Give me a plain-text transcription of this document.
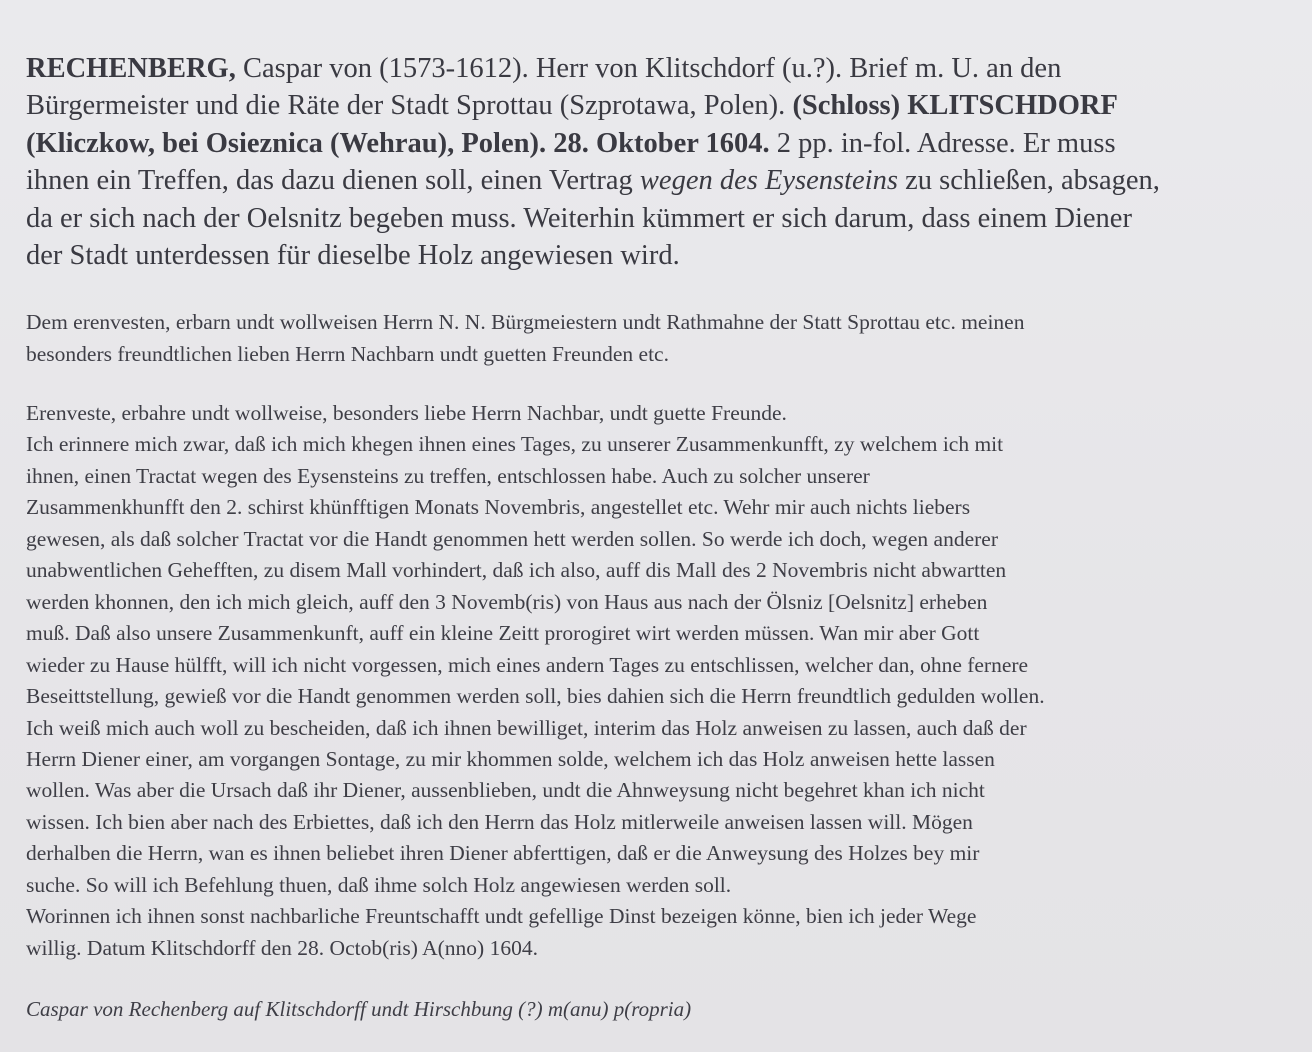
RECHENBERG, Caspar von (1573-1612). Herr von Klitschdorf (u.?). Brief m. U. an den
Bürgermeister und die Räte der Stadt Sprottau (Szprotawa, Polen). (Schloss) KLITSCHDORF
(Kliczkow, bei Osieznica (Wehrau), Polen). 28. Oktober 1604. 2 pp. in-fol. Adresse. Er muss
ihnen ein Treffen, das dazu dienen soll, einen Vertrag wegen des Eysensteins zu schließen, absagen,
da er sich nach der Oelsnitz begeben muss. Weiterhin kümmert er sich darum, dass einem Diener
der Stadt unterdessen für dieselbe Holz angewiesen wird.
Dem erenvesten, erbarn undt wollweisen Herrn N. N. Bürgmeiestern undt Rathmahne der Statt Sprottau etc. meinen
besonders freundtlichen lieben Herrn Nachbarn undt guetten Freunden etc.
Erenveste, erbahre undt wollweise, besonders liebe Herrn Nachbar, undt guette Freunde.
Ich erinnere mich zwar, daß ich mich khegen ihnen eines Tages, zu unserer Zusammenkunfft, zy welchem ich mit
ihnen, einen Tractat wegen des Eysensteins zu treffen, entschlossen habe. Auch zu solcher unserer
Zusammenkhunfft den 2. schirst khünfftigen Monats Novembris, angestellet etc. Wehr mir auch nichts liebers
gewesen, als daß solcher Tractat vor die Handt genommen hett werden sollen. So werde ich doch, wegen anderer
unabwentlichen Gehefften, zu disem Mall vorhindert, daß ich also, auff dis Mall des 2 Novembris nicht abwartten
werden khonnen, den ich mich gleich, auff den 3 Novemb(ris) von Haus aus nach der Ölsniz [Oelsnitz] erheben
muß. Daß also unsere Zusammenkunft, auff ein kleine Zeitt prorogiret wirt werden müssen. Wan mir aber Gott
wieder zu Hause hülfft, will ich nicht vorgessen, mich eines andern Tages zu entschlissen, welcher dan, ohne fernere
Beseittstellung, gewieß vor die Handt genommen werden soll, bies dahien sich die Herrn freundtlich gedulden wollen.
Ich weiß mich auch woll zu bescheiden, daß ich ihnen bewilliget, interim das Holz anweisen zu lassen, auch daß der
Herrn Diener einer, am vorgangen Sontage, zu mir khommen solde, welchem ich das Holz anweisen hette lassen
wollen. Was aber die Ursach daß ihr Diener, aussenblieben, undt die Ahnweysung nicht begehret khan ich nicht
wissen. Ich bien aber nach des Erbiettes, daß ich den Herrn das Holz mitlerweile anweisen lassen will. Mögen
derhalben die Herrn, wan es ihnen beliebet ihren Diener abferttigen, daß er die Anweysung des Holzes bey mir
suche. So will ich Befehlung thuen, daß ihme solch Holz angewiesen werden soll.
Worinnen ich ihnen sonst nachbarliche Freuntschafft undt gefellige Dinst bezeigen könne, bien ich jeder Wege
willig. Datum Klitschdorff den 28. Octob(ris) A(nno) 1604.
Caspar von Rechenberg auf Klitschdorff undt Hirschbung (?) m(anu) p(ropria)
